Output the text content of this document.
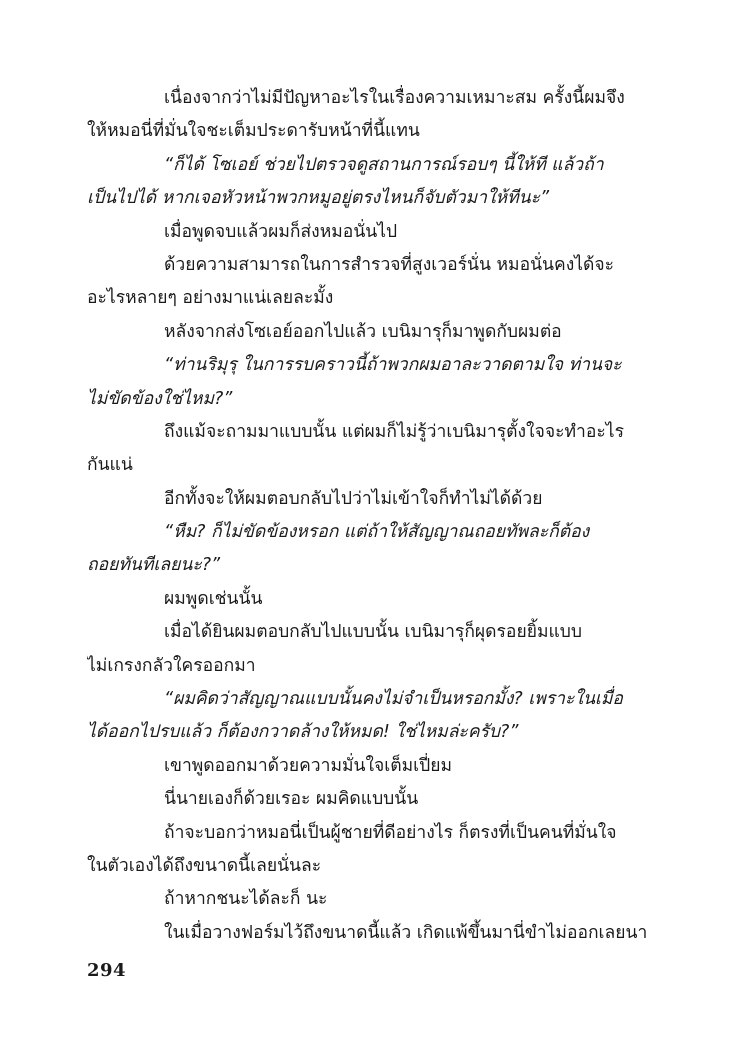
เนื่องจากว่าไม่มีปัญหาอะไรในเรื่องความเหมาะสม ครั้งนี้ผมจึง
ให้หมอนี่ที่มั่นใจชะเต็มประดารับหน้าที่นี้แทน
“ก็ได้ โซเอย์ ช่วยไปตรวจดูสถานการณ์รอบๆ นี้ให้ที แล้วถ้า
เป็นไปได้ หากเจอหัวหน้าพวกหมูอยู่ตรงไหนก็จับตัวมาให้ทีนะ”
เมื่อพูดจบแล้วผมก็ส่งหมอนั่นไป
ด้วยความสามารถในการสำรวจที่สูงเวอร์นั่น หมอนั่นคงได้จะ
อะไรหลายๆ อย่างมาแน่เลยละมั้ง
หลังจากส่งโซเอย์ออกไปแล้ว เบนิมารุก็มาพูดกับผมต่อ
“ท่านริมุรุ ในการรบคราวนี้ถ้าพวกผมอาละวาดตามใจ ท่านจะ
ไม่ขัดข้องใช่ไหม?”
ถึงแม้จะถามมาแบบนั้น แต่ผมก็ไม่รู้ว่าเบนิมารุตั้งใจจะทำอะไร
กันแน่
อีกทั้งจะให้ผมตอบกลับไปว่าไม่เข้าใจก็ทำไม่ได้ด้วย
“หืม? ก็ไม่ขัดข้องหรอก แต่ถ้าให้สัญญาณถอยทัพละก็ต้อง
ถอยทันทีเลยนะ?”
ผมพูดเช่นนั้น
เมื่อได้ยินผมตอบกลับไปแบบนั้น เบนิมารุก็ผุดรอยยิ้มแบบ
ไม่เกรงกลัวใครออกมา
“ผมคิดว่าสัญญาณแบบนั้นคงไม่จำเป็นหรอกมั้ง? เพราะในเมื่อ
ได้ออกไปรบแล้ว ก็ต้องกวาดล้างให้หมด! ใช่ไหมล่ะครับ?”
เขาพูดออกมาด้วยความมั่นใจเต็มเปี่ยม
นี่นายเองก็ด้วยเรอะ ผมคิดแบบนั้น
ถ้าจะบอกว่าหมอนี่เป็นผู้ชายที่ดีอย่างไร ก็ตรงที่เป็นคนที่มั่นใจ
ในตัวเองได้ถึงขนาดนี้เลยนั่นละ
ถ้าหากชนะได้ละก็ นะ
ในเมื่อวางฟอร์มไว้ถึงขนาดนี้แล้ว เกิดแพ้ขึ้นมานี่ขำไม่ออกเลยนา
294
